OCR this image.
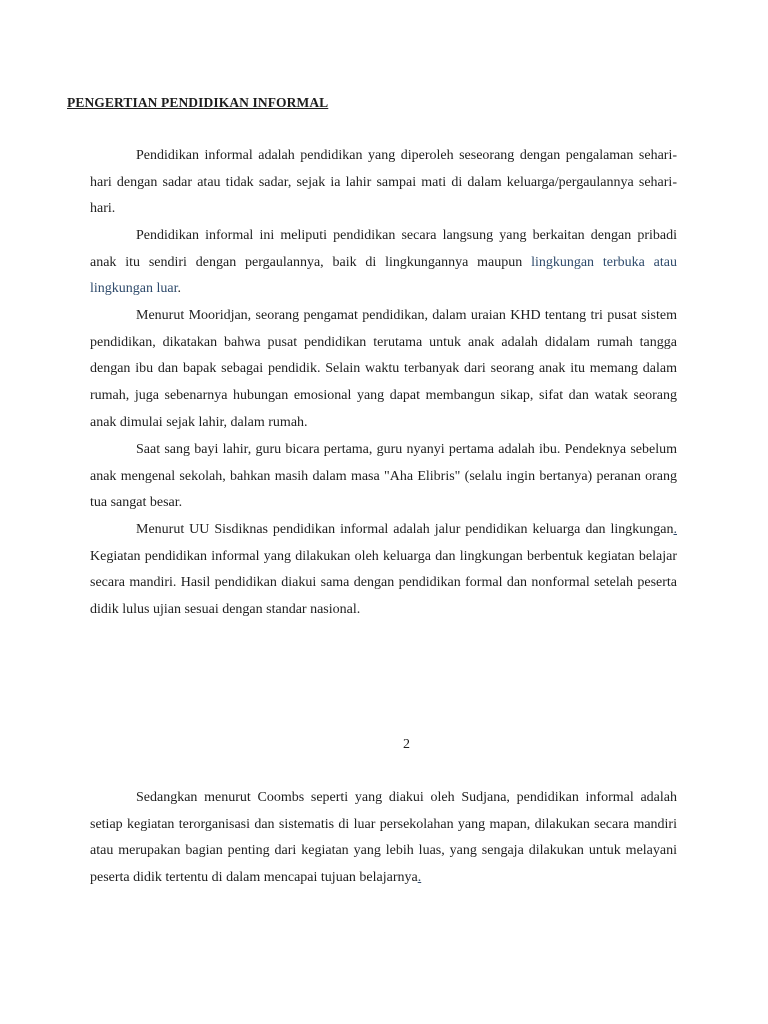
PENGERTIAN PENDIDIKAN INFORMAL

Pendidikan informal adalah pendidikan yang diperoleh seseorang dengan pengalaman sehari-hari dengan sadar atau tidak sadar, sejak ia lahir sampai mati di dalam keluarga/pergaulannya sehari-hari.

Pendidikan informal ini meliputi pendidikan secara langsung yang berkaitan dengan pribadi anak itu sendiri dengan pergaulannya, baik di lingkungannya maupun lingkungan terbuka atau lingkungan luar.

Menurut Mooridjan, seorang pengamat pendidikan, dalam uraian KHD tentang tri pusat sistem pendidikan, dikatakan bahwa pusat pendidikan terutama untuk anak adalah didalam rumah tangga dengan ibu dan bapak sebagai pendidik. Selain waktu terbanyak dari seorang anak itu memang dalam rumah, juga sebenarnya hubungan emosional yang dapat membangun sikap, sifat dan watak seorang anak dimulai sejak lahir, dalam rumah.

Saat sang bayi lahir, guru bicara pertama, guru nyanyi pertama adalah ibu. Pendeknya sebelum anak mengenal sekolah, bahkan masih dalam masa "Aha Elibris" (selalu ingin bertanya) peranan orang tua sangat besar.

Menurut UU Sisdiknas pendidikan informal adalah jalur pendidikan keluarga dan lingkungan. Kegiatan pendidikan informal yang dilakukan oleh keluarga dan lingkungan berbentuk kegiatan belajar secara mandiri. Hasil pendidikan diakui sama dengan pendidikan formal dan nonformal setelah peserta didik lulus ujian sesuai dengan standar nasional.

2

Sedangkan menurut Coombs seperti yang diakui oleh Sudjana, pendidikan informal adalah setiap kegiatan terorganisasi dan sistematis di luar persekolahan yang mapan, dilakukan secara mandiri atau merupakan bagian penting dari kegiatan yang lebih luas, yang sengaja dilakukan untuk melayani peserta didik tertentu di dalam mencapai tujuan belajarnya.
